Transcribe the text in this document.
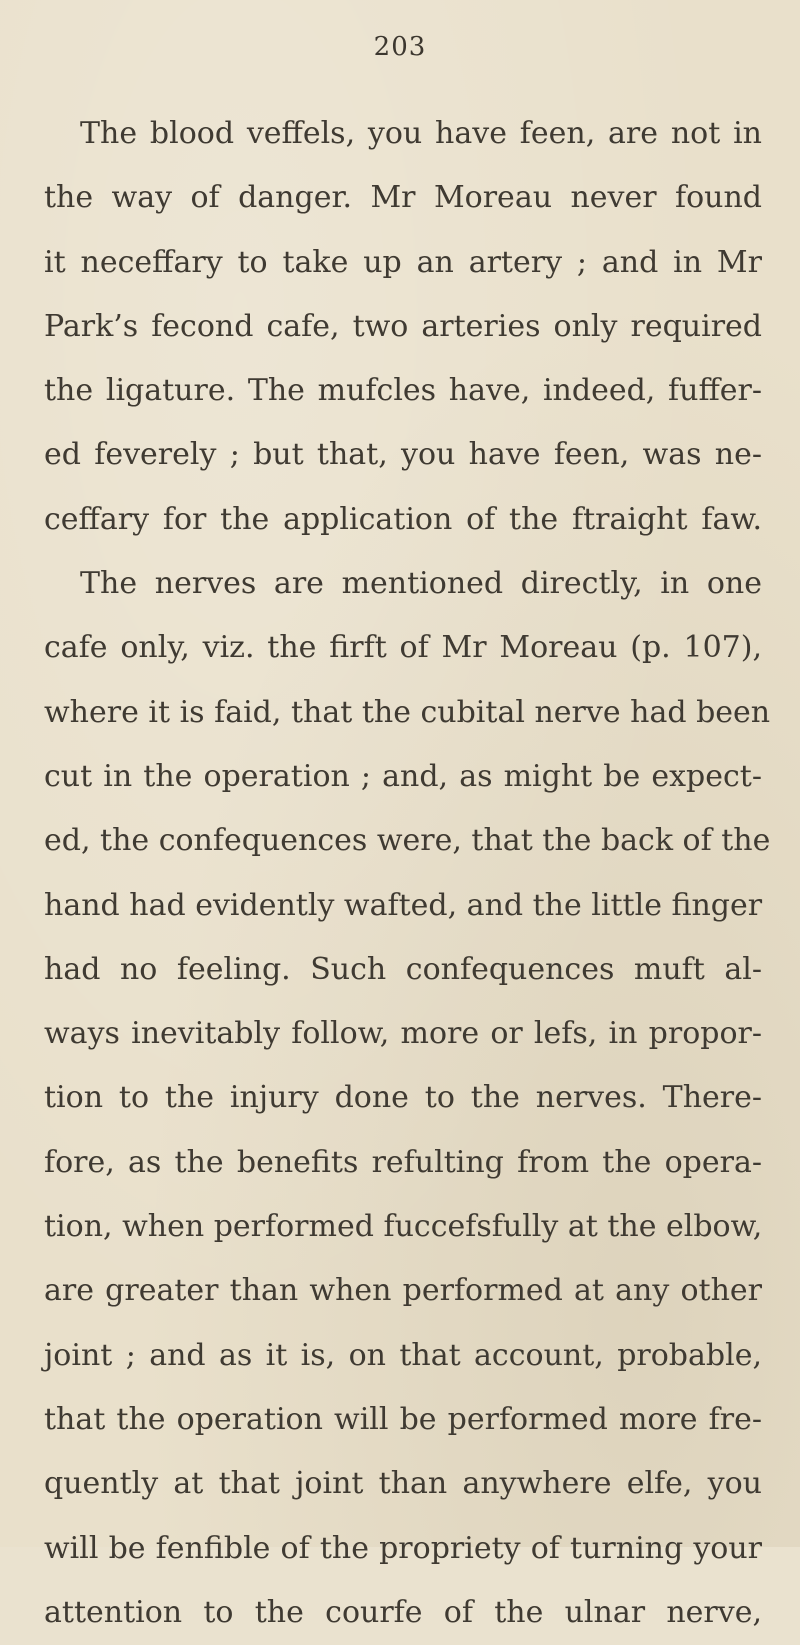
203
The blood veffels, you have feen, are not in
the way of danger. Mr Moreau never found
it neceffary to take up an artery ; and in Mr
Park’s fecond cafe, two arteries only required
the ligature. The mufcles have, indeed, fuffer-
ed feverely ; but that, you have feen, was ne-
ceffary for the application of the ftraight faw.
The nerves are mentioned directly, in one
cafe only, viz. the firft of Mr Moreau (p. 107),
where it is faid, that the cubital nerve had been
cut in the operation ; and, as might be expect-
ed, the confequences were, that the back of the
hand had evidently wafted, and the little finger
had no feeling. Such confequences muft al-
ways inevitably follow, more or lefs, in propor-
tion to the injury done to the nerves. There-
fore, as the benefits refulting from the opera-
tion, when performed fuccefsfully at the elbow,
are greater than when performed at any other
joint ; and as it is, on that account, probable,
that the operation will be performed more fre-
quently at that joint than anywhere elfe, you
will be fenfible of the propriety of turning your
attention to the courfe of the ulnar nerve,
